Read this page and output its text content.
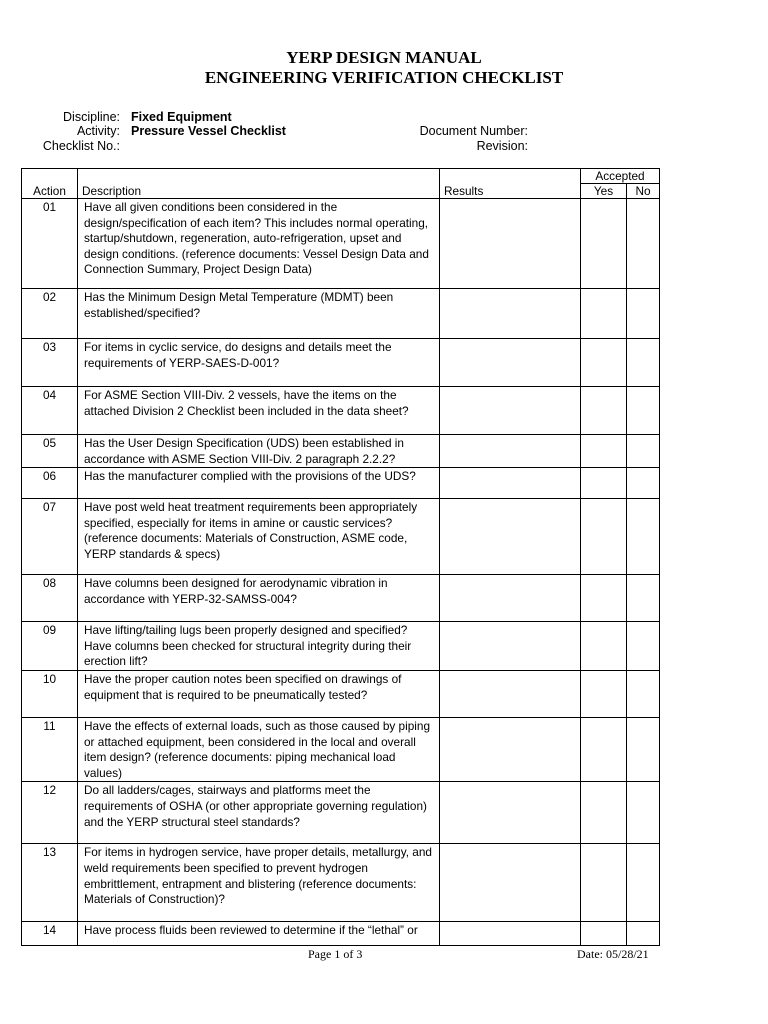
YERP DESIGN MANUAL
ENGINEERING VERIFICATION CHECKLIST
Discipline: Fixed Equipment
Activity: Pressure Vessel Checklist
Checklist No.:
Document Number:
Revision:
			Accepted	
Action	Description	Results	Yes	No
01	Have all given conditions been considered in the design/specification of each item? This includes normal operating, startup/shutdown, regeneration, auto-refrigeration, upset and design conditions. (reference documents: Vessel Design Data and Connection Summary, Project Design Data)			
02	Has the Minimum Design Metal Temperature (MDMT) been established/specified?			
03	For items in cyclic service, do designs and details meet the requirements of YERP-SAES-D-001?			
04	For ASME Section VIII-Div. 2 vessels, have the items on the attached Division 2 Checklist been included in the data sheet?			
05	Has the User Design Specification (UDS) been established in accordance with ASME Section VIII-Div. 2 paragraph 2.2.2?			
06	Has the manufacturer complied with the provisions of the UDS?			
07	Have post weld heat treatment requirements been appropriately specified, especially for items in amine or caustic services? (reference documents: Materials of Construction, ASME code, YERP standards & specs)			
08	Have columns been designed for aerodynamic vibration in accordance with YERP-32-SAMSS-004?			
09	Have lifting/tailing lugs been properly designed and specified? Have columns been checked for structural integrity during their erection lift?			
10	Have the proper caution notes been specified on drawings of equipment that is required to be pneumatically tested?			
11	Have the effects of external loads, such as those caused by piping or attached equipment, been considered in the local and overall item design? (reference documents: piping mechanical load values)			
12	Do all ladders/cages, stairways and platforms meet the requirements of OSHA (or other appropriate governing regulation) and the YERP structural steel standards?			
13	For items in hydrogen service, have proper details, metallurgy, and weld requirements been specified to prevent hydrogen embrittlement, entrapment and blistering (reference documents: Materials of Construction)?			
14	Have process fluids been reviewed to determine if the “lethal” or			
Page 1 of 3	Date: 05/28/21
